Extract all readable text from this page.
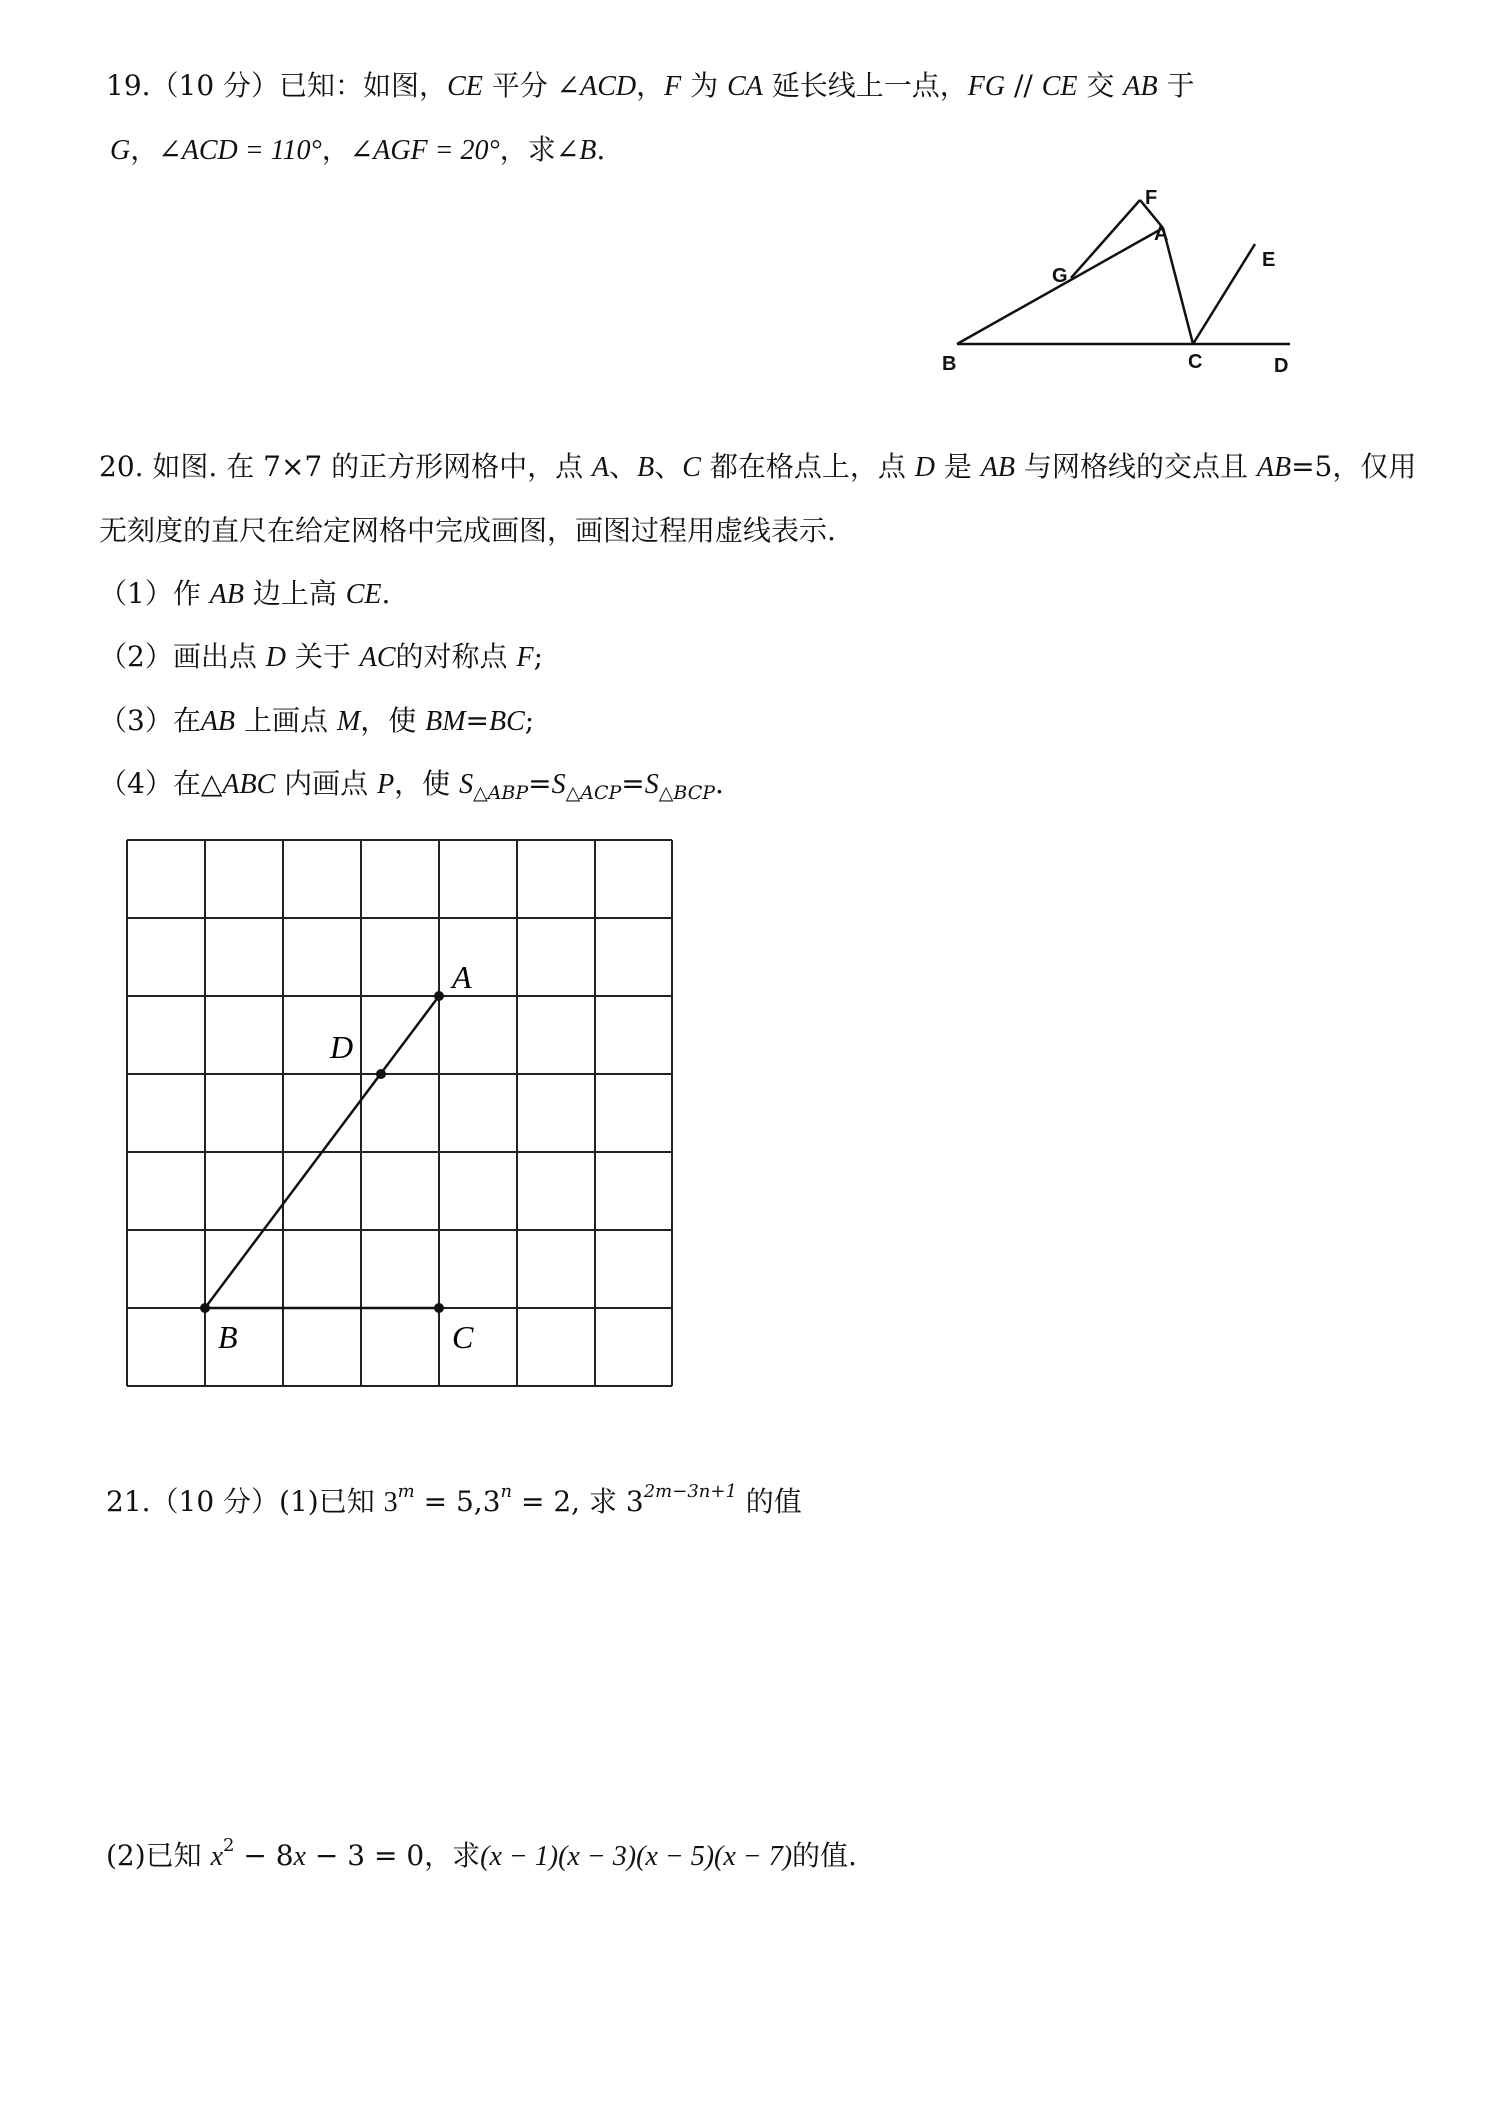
19.（10 分）已知：如图，CE 平分 ∠ACD，F 为 CA 延长线上一点，FG // CE 交 AB 于
G，∠ACD = 110°，∠AGF = 20°，求∠B.
F
A
E
G
B	C	D
20. 如图. 在 7×7 的正方形网格中，点 A、B、C 都在格点上，点 D 是 AB 与网格线的交点且 AB=5，仅用
无刻度的直尺在给定网格中完成画图，画图过程用虚线表示.
（1）作 AB 边上高 CE.
（2）画出点 D 关于 AC的对称点 F;
（3）在AB 上画点 M，使 BM=BC;
（4）在△ABC 内画点 P，使 $S_{\triangle ABP}=S_{\triangle ACP}=S_{\triangle BCP}$.
A
D
B	C
21.（10 分）(1)已知 $3^m = 5,3^n = 2$, 求 $3^{2m-3n+1}$ 的值
(2)已知 $x^2 - 8x - 3 = 0$，求(x − 1)(x − 3)(x − 5)(x − 7)的值.
